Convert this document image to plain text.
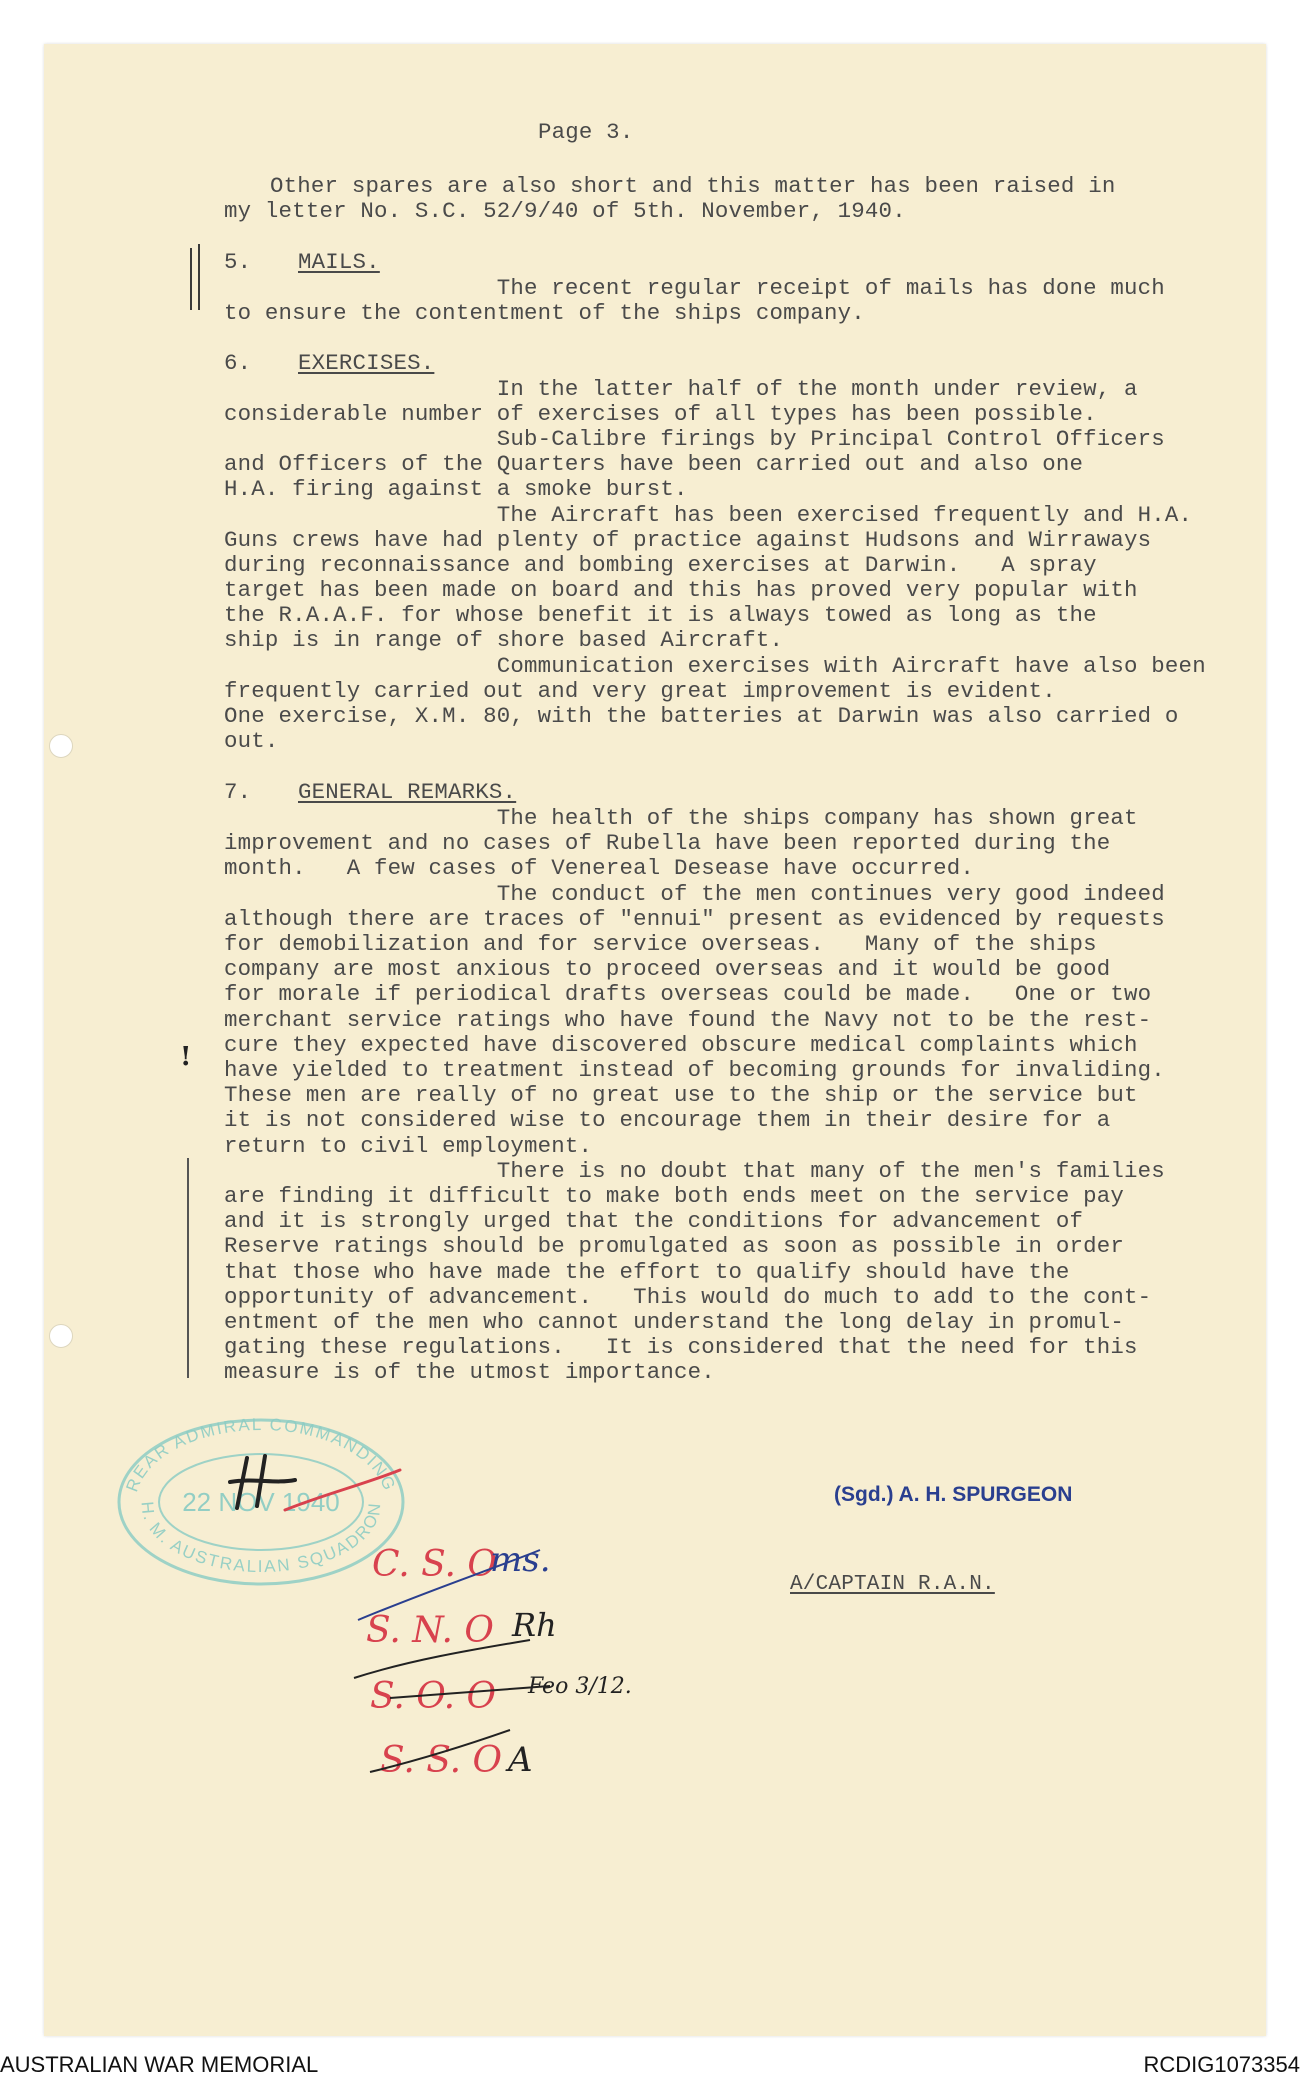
Page 3.
Other spares are also short and this matter has been raised in
my letter No. S.C. 52/9/40 of 5th. November, 1940.
5. MAILS.
The recent regular receipt of mails has done much
to ensure the contentment of the ships company.
6. EXERCISES.
In the latter half of the month under review, a
considerable number of exercises of all types has been possible.
Sub-Calibre firings by Principal Control Officers
and Officers of the Quarters have been carried out and also one
H.A. firing against a smoke burst.
The Aircraft has been exercised frequently and H.A.
Guns crews have had plenty of practice against Hudsons and Wirraways
during reconnaissance and bombing exercises at Darwin.   A spray
target has been made on board and this has proved very popular with
the R.A.A.F. for whose benefit it is always towed as long as the
ship is in range of shore based Aircraft.
Communication exercises with Aircraft have also been
frequently carried out and very great improvement is evident.
One exercise, X.M. 80, with the batteries at Darwin was also carried o
out.
7. GENERAL REMARKS.
The health of the ships company has shown great
improvement and no cases of Rubella have been reported during the
month.   A few cases of Venereal Desease have occurred.
The conduct of the men continues very good indeed
although there are traces of "ennui" present as evidenced by requests
for demobilization and for service overseas.   Many of the ships
company are most anxious to proceed overseas and it would be good
for morale if periodical drafts overseas could be made.   One or two
merchant service ratings who have found the Navy not to be the rest-
cure they expected have discovered obscure medical complaints which
have yielded to treatment instead of becoming grounds for invaliding.
These men are really of no great use to the ship or the service but
it is not considered wise to encourage them in their desire for a
return to civil employment.
There is no doubt that many of the men's families
are finding it difficult to make both ends meet on the service pay
and it is strongly urged that the conditions for advancement of
Reserve ratings should be promulgated as soon as possible in order
that those who have made the effort to qualify should have the
opportunity of advancement.   This would do much to add to the cont-
entment of the men who cannot understand the long delay in promul-
gating these regulations.   It is considered that the need for this
measure is of the utmost importance.
!
REAR ADMIRAL COMMANDING
H. M. AUSTRALIAN SQUADRON
22 NOV 1940	(Sgd.) A. H. SPURGEON
A/CAPTAIN R.A.N.
C. S. O
ms.
S. N. O Rh
S. O. O Feo 3/12.
S. S. O A
AUSTRALIAN WAR MEMORIAL	RCDIG1073354
